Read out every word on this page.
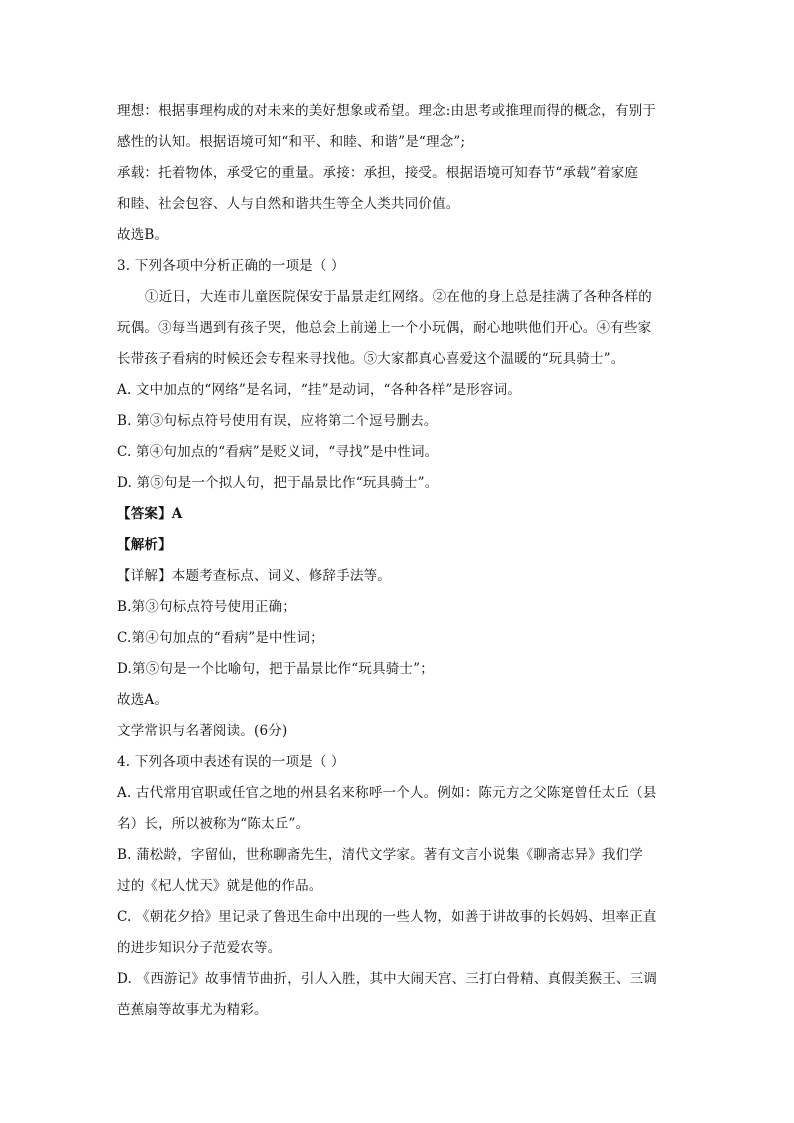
理想：根据事理构成的对未来的美好想象或希望。理念:由思考或推理而得的概念，有别于
感性的认知。根据语境可知“和平、和睦、和谐”是“理念”;
承载：托着物体，承受它的重量。承接：承担，接受。根据语境可知春节“承载”着家庭
和睦、社会包容、人与自然和谐共生等全人类共同价值。
故选B。
3. 下列各项中分析正确的一项是（ ）
①近日，大连市儿童医院保安于晶景走红网络。②在他的身上总是挂满了各种各样的
玩偶。③每当遇到有孩子哭，他总会上前递上一个小玩偶，耐心地哄他们开心。④有些家
长带孩子看病的时候还会专程来寻找他。⑤大家都真心喜爱这个温暖的“玩具骑士”。
A. 文中加点的“网络”是名词，“挂”是动词，“各种各样”是形容词。
B. 第③句标点符号使用有误，应将第二个逗号删去。
C. 第④句加点的“看病”是贬义词，“寻找”是中性词。
D. 第⑤句是一个拟人句，把于晶景比作“玩具骑士”。
【答案】A
【解析】
【详解】本题考查标点、词义、修辞手法等。
B.第③句标点符号使用正确；
C.第④句加点的“看病”是中性词；
D.第⑤句是一个比喻句，把于晶景比作“玩具骑士”；
故选A。
文学常识与名著阅读。(6分)
4. 下列各项中表述有误的一项是（ ）
A. 古代常用官职或任官之地的州县名来称呼一个人。例如：陈元方之父陈寔曾任太丘（县
名）长，所以被称为“陈太丘”。
B. 蒲松龄，字留仙，世称聊斋先生，清代文学家。著有文言小说集《聊斋志异》我们学
过的《杞人忧天》就是他的作品。
C. 《朝花夕拾》里记录了鲁迅生命中出现的一些人物，如善于讲故事的长妈妈、坦率正直
的进步知识分子范爱农等。
D. 《西游记》故事情节曲折，引人入胜，其中大闹天宫、三打白骨精、真假美猴王、三调
芭蕉扇等故事尤为精彩。
